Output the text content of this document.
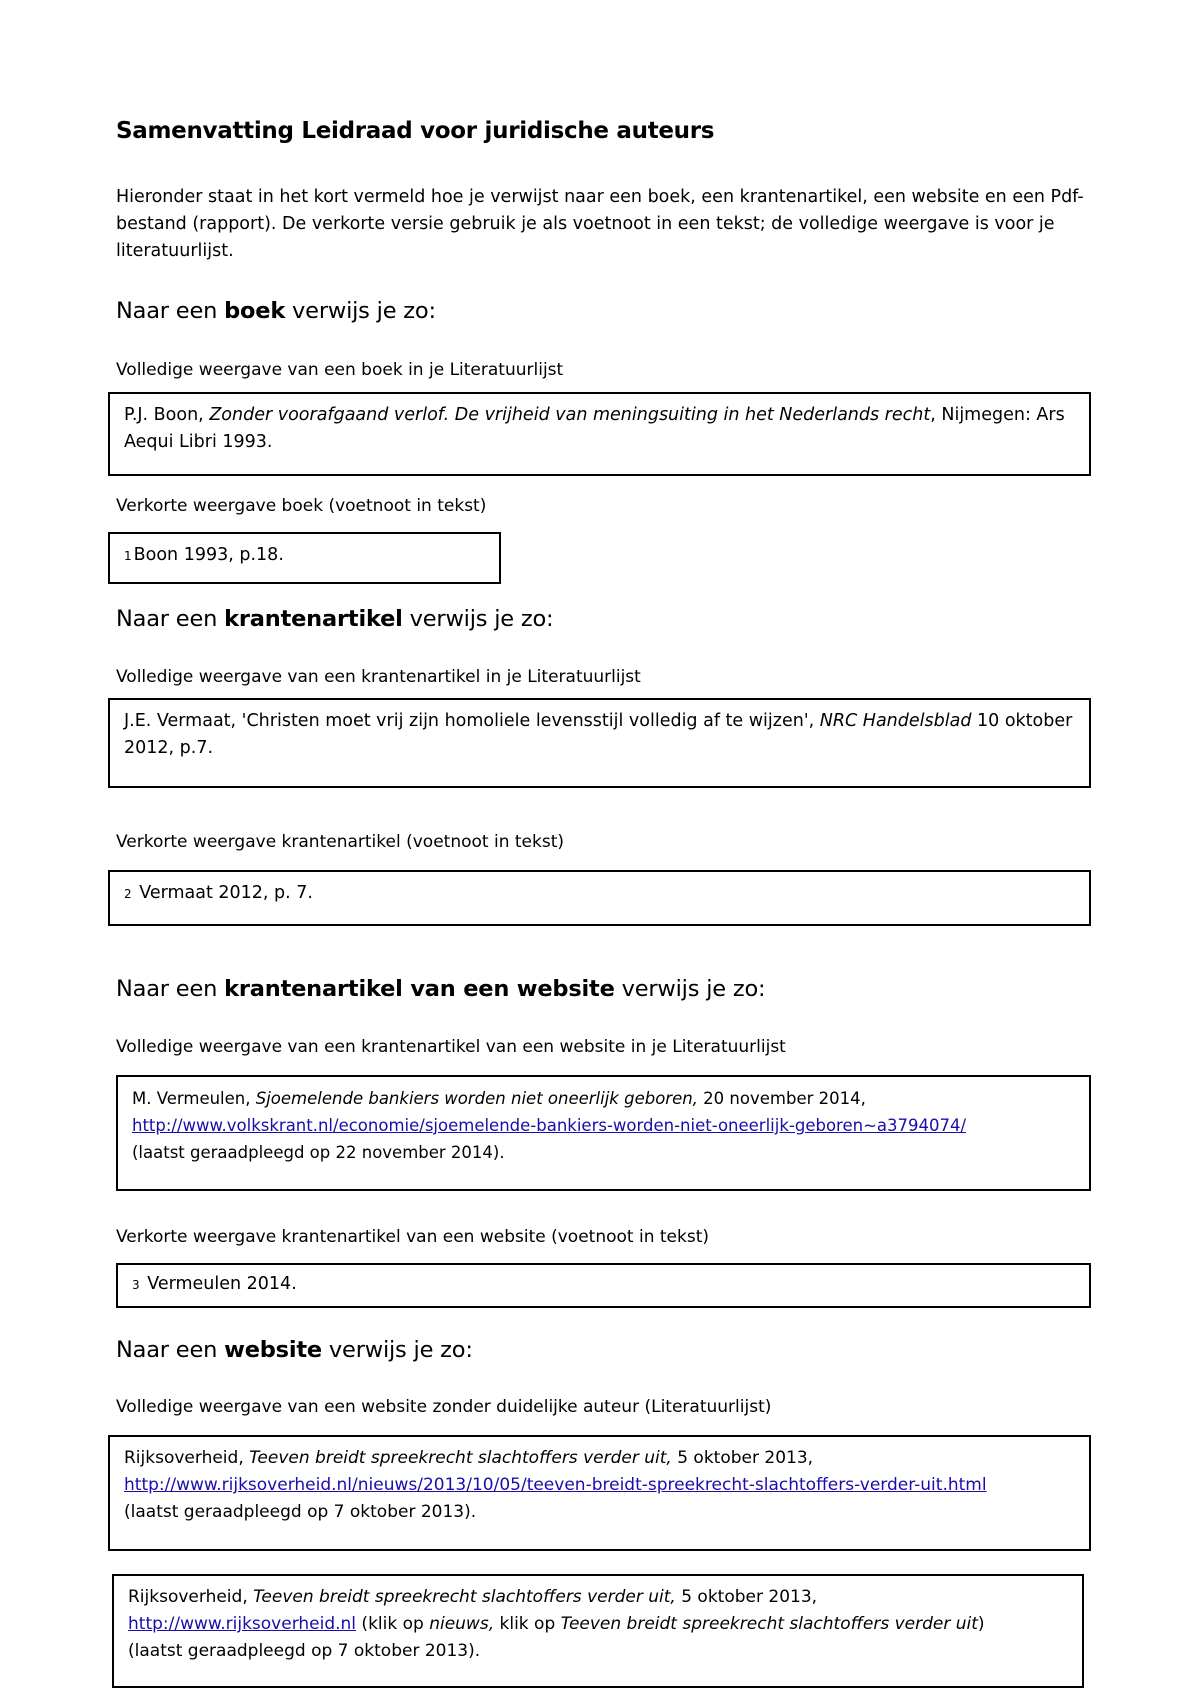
Samenvatting Leidraad voor juridische auteurs
Hieronder staat in het kort vermeld hoe je verwijst naar een boek, een krantenartikel, een website en een Pdf-bestand (rapport). De verkorte versie gebruik je als voetnoot in een tekst; de volledige weergave is voor je literatuurlijst.
Naar een boek verwijs je zo:
Volledige weergave van een boek in je Literatuurlijst
P.J. Boon, Zonder voorafgaand verlof. De vrijheid van meningsuiting in het Nederlands recht, Nijmegen: Ars Aequi Libri 1993.
Verkorte weergave boek (voetnoot in tekst)
1 Boon 1993, p.18.
Naar een krantenartikel verwijs je zo:
Volledige weergave van een krantenartikel in je Literatuurlijst
J.E. Vermaat, 'Christen moet vrij zijn homoliele levensstijl volledig af te wijzen', NRC Handelsblad 10 oktober 2012, p.7.
Verkorte weergave krantenartikel (voetnoot in tekst)
2 Vermaat 2012, p. 7.
Naar een krantenartikel van een website verwijs je zo:
Volledige weergave van een krantenartikel van een website in je Literatuurlijst
M. Vermeulen, Sjoemelende bankiers worden niet oneerlijk geboren, 20 november 2014,
http://www.volkskrant.nl/economie/sjoemelende-bankiers-worden-niet-oneerlijk-geboren~a3794074/
(laatst geraadpleegd op 22 november 2014).
Verkorte weergave krantenartikel van een website (voetnoot in tekst)
3 Vermeulen 2014.
Naar een website verwijs je zo:
Volledige weergave van een website zonder duidelijke auteur (Literatuurlijst)
Rijksoverheid, Teeven breidt spreekrecht slachtoffers verder uit, 5 oktober 2013,
http://www.rijksoverheid.nl/nieuws/2013/10/05/teeven-breidt-spreekrecht-slachtoffers-verder-uit.html
(laatst geraadpleegd op 7 oktober 2013).
Rijksoverheid, Teeven breidt spreekrecht slachtoffers verder uit, 5 oktober 2013,
http://www.rijksoverheid.nl (klik op nieuws, klik op Teeven breidt spreekrecht slachtoffers verder uit)
(laatst geraadpleegd op 7 oktober 2013).
